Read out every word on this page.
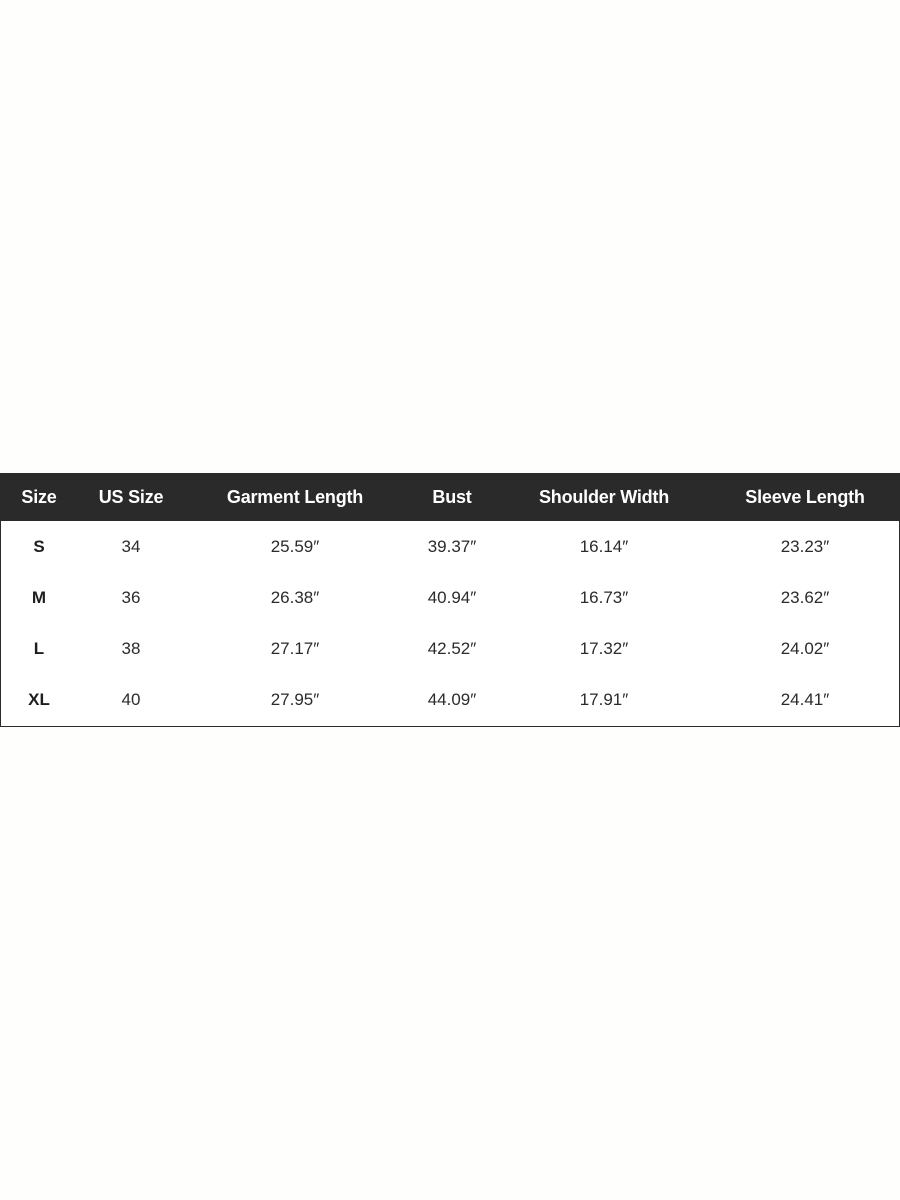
Size	US Size	Garment Length	Bust	Shoulder Width	Sleeve Length
S	34	25.59″	39.37″	16.14″	23.23″
M	36	26.38″	40.94″	16.73″	23.62″
L	38	27.17″	42.52″	17.32″	24.02″
XL	40	27.95″	44.09″	17.91″	24.41″
